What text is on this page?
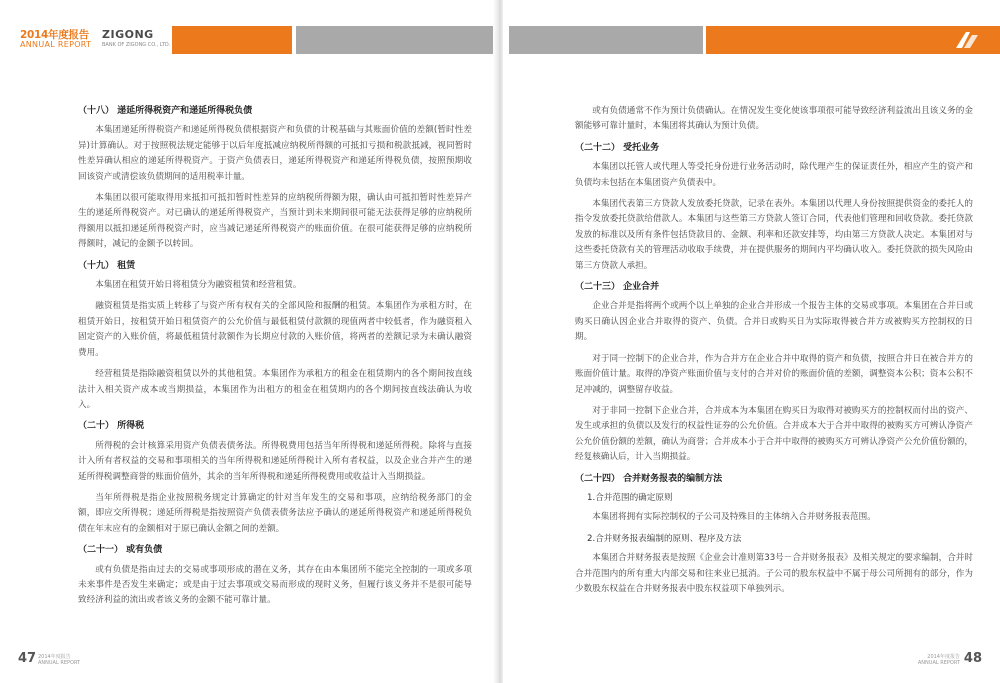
2014年度报告
ANNUAL REPORT
ZIGONG
BANK OF ZIGONG CO., LTD.
（十八） 递延所得税资产和递延所得税负债
本集团递延所得税资产和递延所得税负债根据资产和负债的计税基础与其账面价值的差额(暂时性差异)计算确认。对于按照税法规定能够于以后年度抵减应纳税所得额的可抵扣亏损和税款抵减，视同暂时性差异确认相应的递延所得税资产。于资产负债表日，递延所得税资产和递延所得税负债，按照预期收回该资产或清偿该负债期间的适用税率计量。
本集团以很可能取得用来抵扣可抵扣暂时性差异的应纳税所得额为限，确认由可抵扣暂时性差异产生的递延所得税资产。对已确认的递延所得税资产，当预计到未来期间很可能无法获得足够的应纳税所得额用以抵扣递延所得税资产时，应当减记递延所得税资产的账面价值。在很可能获得足够的应纳税所得额时，减记的金额予以转回。
（十九） 租赁
本集团在租赁开始日将租赁分为融资租赁和经营租赁。
融资租赁是指实质上转移了与资产所有权有关的全部风险和报酬的租赁。本集团作为承租方时，在租赁开始日，按租赁开始日租赁资产的公允价值与最低租赁付款额的现值两者中较低者，作为融资租入固定资产的入账价值，将最低租赁付款额作为长期应付款的入账价值，将两者的差额记录为未确认融资费用。
经营租赁是指除融资租赁以外的其他租赁。本集团作为承租方的租金在租赁期内的各个期间按直线法计入相关资产成本或当期损益，本集团作为出租方的租金在租赁期内的各个期间按直线法确认为收入。
（二十） 所得税
所得税的会计核算采用资产负债表债务法。所得税费用包括当年所得税和递延所得税。除将与直接计入所有者权益的交易和事项相关的当年所得税和递延所得税计入所有者权益，以及企业合并产生的递延所得税调整商誉的账面价值外，其余的当年所得税和递延所得税费用或收益计入当期损益。
当年所得税是指企业按照税务规定计算确定的针对当年发生的交易和事项，应纳给税务部门的金额，即应交所得税；递延所得税是指按照资产负债表债务法应予确认的递延所得税资产和递延所得税负债在年末应有的金额相对于原已确认金额之间的差额。
（二十一） 或有负债
或有负债是指由过去的交易或事项形成的潜在义务，其存在由本集团所不能完全控制的一项或多项未来事件是否发生来确定；或是由于过去事项或交易而形成的现时义务，但履行该义务并不是很可能导致经济利益的流出或者该义务的金额不能可靠计量。
47 2014年度报告
ANNUAL REPORT
或有负债通常不作为预计负债确认。在情况发生变化使该事项很可能导致经济利益流出且该义务的金额能够可靠计量时，本集团将其确认为预计负债。
（二十二） 受托业务
本集团以托管人或代理人等受托身份进行业务活动时，除代理产生的保证责任外，相应产生的资产和负债均未包括在本集团资产负债表中。
本集团代表第三方贷款人发放委托贷款，记录在表外。本集团以代理人身份按照提供资金的委托人的指令发放委托贷款给借款人。本集团与这些第三方贷款人签订合同，代表他们管理和回收贷款。委托贷款发放的标准以及所有条件包括贷款目的、金额、利率和还款安排等，均由第三方贷款人决定。本集团对与这些委托贷款有关的管理活动收取手续费，并在提供服务的期间内平均确认收入。委托贷款的损失风险由第三方贷款人承担。
（二十三） 企业合并
企业合并是指将两个或两个以上单独的企业合并形成一个报告主体的交易或事项。本集团在合并日或购买日确认因企业合并取得的资产、负债。合并日或购买日为实际取得被合并方或被购买方控制权的日期。
对于同一控制下的企业合并，作为合并方在企业合并中取得的资产和负债，按照合并日在被合并方的账面价值计量。取得的净资产账面价值与支付的合并对价的账面价值的差额，调整资本公积；资本公积不足冲减的，调整留存收益。
对于非同一控制下企业合并，合并成本为本集团在购买日为取得对被购买方的控制权而付出的资产、发生或承担的负债以及发行的权益性证券的公允价值。合并成本大于合并中取得的被购买方可辨认净资产公允价值份额的差额，确认为商誉；合并成本小于合并中取得的被购买方可辨认净资产公允价值份额的，经复核确认后，计入当期损益。
（二十四） 合并财务报表的编制方法
1.合并范围的确定原则
本集团将拥有实际控制权的子公司及特殊目的主体纳入合并财务报表范围。
2.合并财务报表编制的原则、程序及方法
本集团合并财务报表是按照《企业会计准则第33号－合并财务报表》及相关规定的要求编制，合并时合并范围内的所有重大内部交易和往来业已抵消。子公司的股东权益中不属于母公司所拥有的部分，作为少数股东权益在合并财务报表中股东权益项下单独列示。
2014年度报告
ANNUAL REPORT 48
